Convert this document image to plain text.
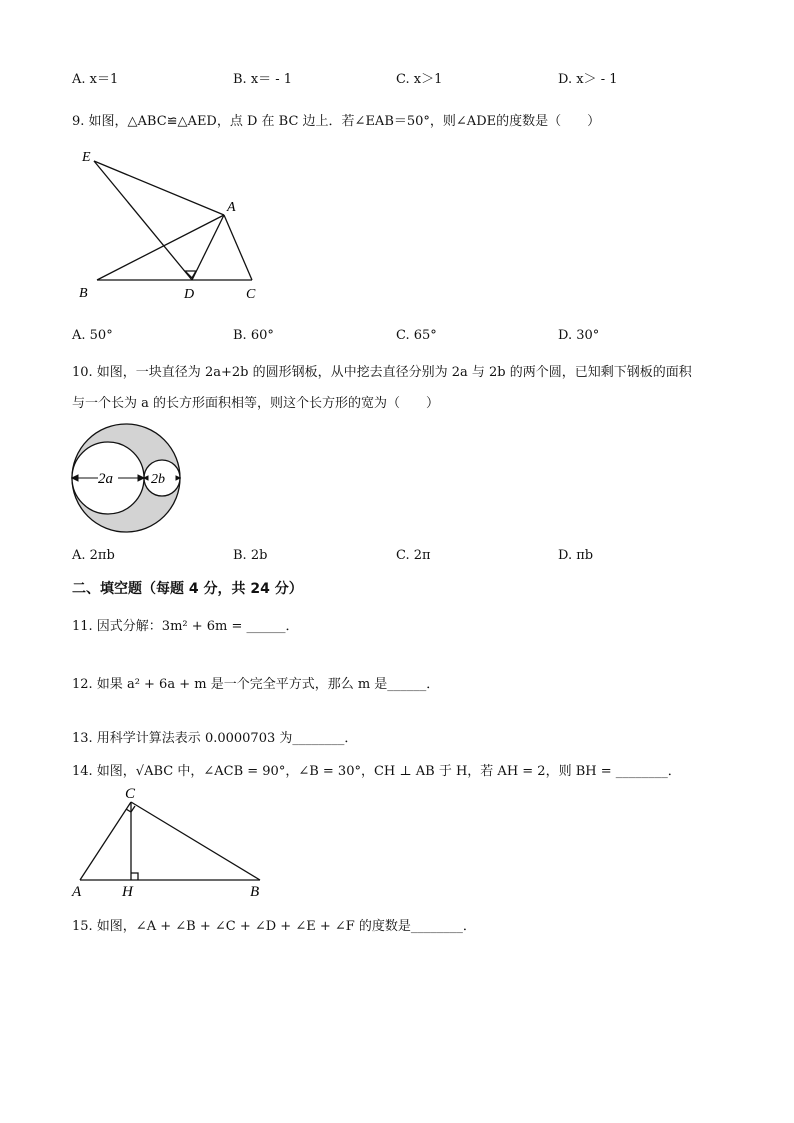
A. x＝1	B. x＝ - 1	C. x＞1	D. x＞ - 1
9. 如图，△ABC≌△AED，点 D 在 BC 边上．若∠EAB＝50°，则∠ADE的度数是（　　）
E
A
B	D	C
A. 50°	B. 60°	C. 65°	D. 30°
10. 如图，一块直径为 2a+2b 的圆形钢板，从中挖去直径分别为 2a 与 2b 的两个圆，已知剩下钢板的面积
与一个长为 a 的长方形面积相等，则这个长方形的宽为（　　）
2a	2b
A. 2πb	B. 2b	C. 2π	D. πb
二、填空题（每题 4 分，共 24 分）
11. 因式分解：3m² + 6m = ______．
12. 如果 a² + 6a + m 是一个完全平方式，那么 m 是______．
13. 用科学计算法表示 0.0000703 为________．
14. 如图，√ABC 中，∠ACB = 90°，∠B = 30°，CH ⊥ AB 于 H，若 AH = 2，则 BH = ________．
C
A	H	B
15. 如图，∠A + ∠B + ∠C + ∠D + ∠E + ∠F 的度数是________．
